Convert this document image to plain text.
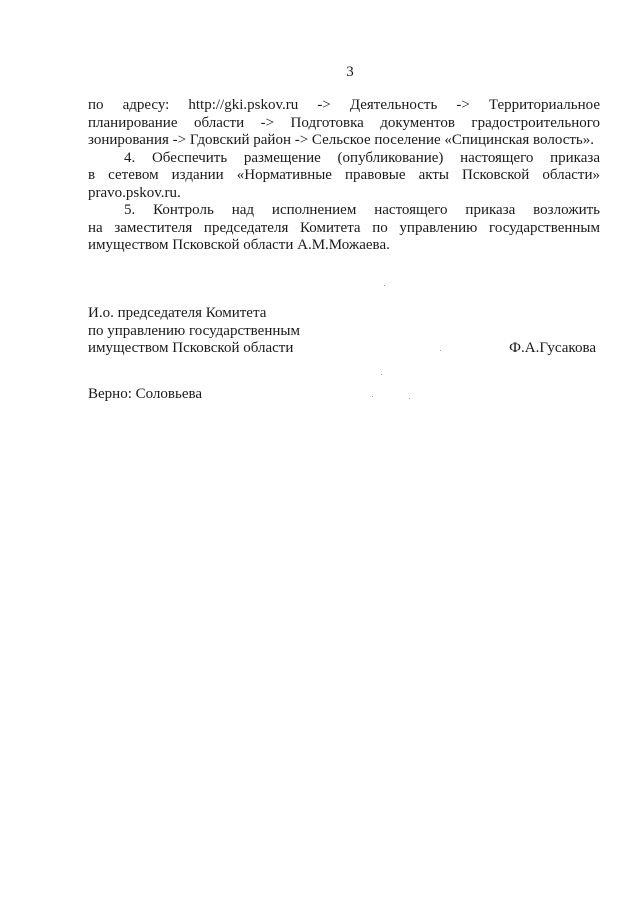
3
по адресу: http://gki.pskov.ru -> Деятельность -> Территориальное
планирование области -> Подготовка документов градостроительного
зонирования -> Гдовский район -> Сельское поселение «Спицинская волость».
4. Обеспечить размещение (опубликование) настоящего приказа
в сетевом издании «Нормативные правовые акты Псковской области»
pravo.pskov.ru.
5. Контроль над исполнением настоящего приказа возложить
на заместителя председателя Комитета по управлению государственным
имуществом Псковской области А.М.Можаева.
И.о. председателя Комитета
по управлению государственным
имуществом Псковской области	Ф.А.Гусакова
Верно: Соловьева
